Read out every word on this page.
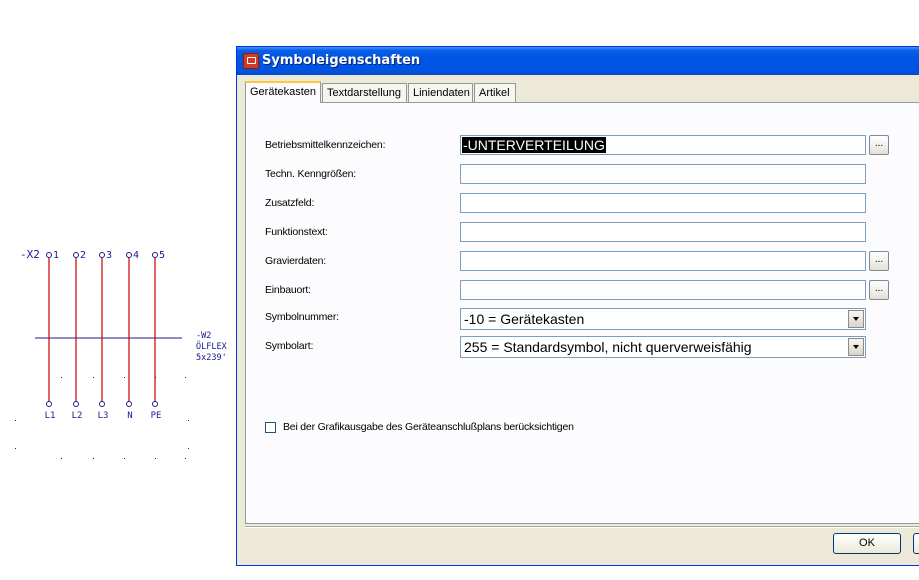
-X2 1
L1
2
L2
3
L3
4
N
5
PE
-W2
ÖLFLEX
5x239'
Symboleigenschaften
Gerätekasten Textdarstellung	Liniendaten Artikel
Betriebsmittelkennzeichen:	-UNTERVERTEILUNG	...
Techn. Kenngrößen:
Zusatzfeld:
Funktionstext:
Gravierdaten:	...
Einbauort:	...
Symbolnummer:	-10 = Gerätekasten
Symbolart:	255 = Standardsymbol, nicht querverweisfähig
Bei der Grafikausgabe des Geräteanschlußplans berücksichtigen
OK
